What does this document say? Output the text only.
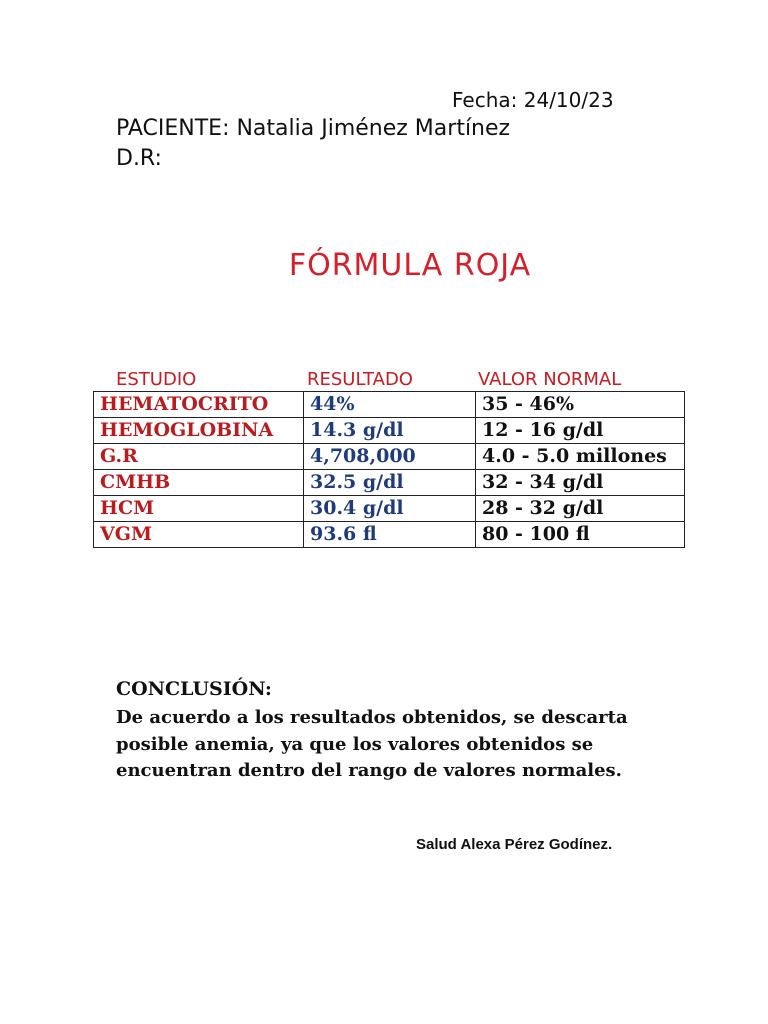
Fecha: 24/10/23
PACIENTE: Natalia Jiménez Martínez
D.R:
FÓRMULA ROJA
ESTUDIO	RESULTADO	VALOR NORMAL
HEMATOCRITO	44%	35 - 46%
HEMOGLOBINA	14.3 g/dl	12 - 16 g/dl
G.R	4,708,000	4.0 - 5.0 millones
CMHB	32.5 g/dl	32 - 34 g/dl
HCM	30.4 g/dl	28 - 32 g/dl
VGM	93.6 fl	80 - 100 fl
CONCLUSIÓN:
De acuerdo a los resultados obtenidos, se descarta posible anemia, ya que los valores obtenidos se encuentran dentro del rango de valores normales.
Salud Alexa Pérez Godínez.
